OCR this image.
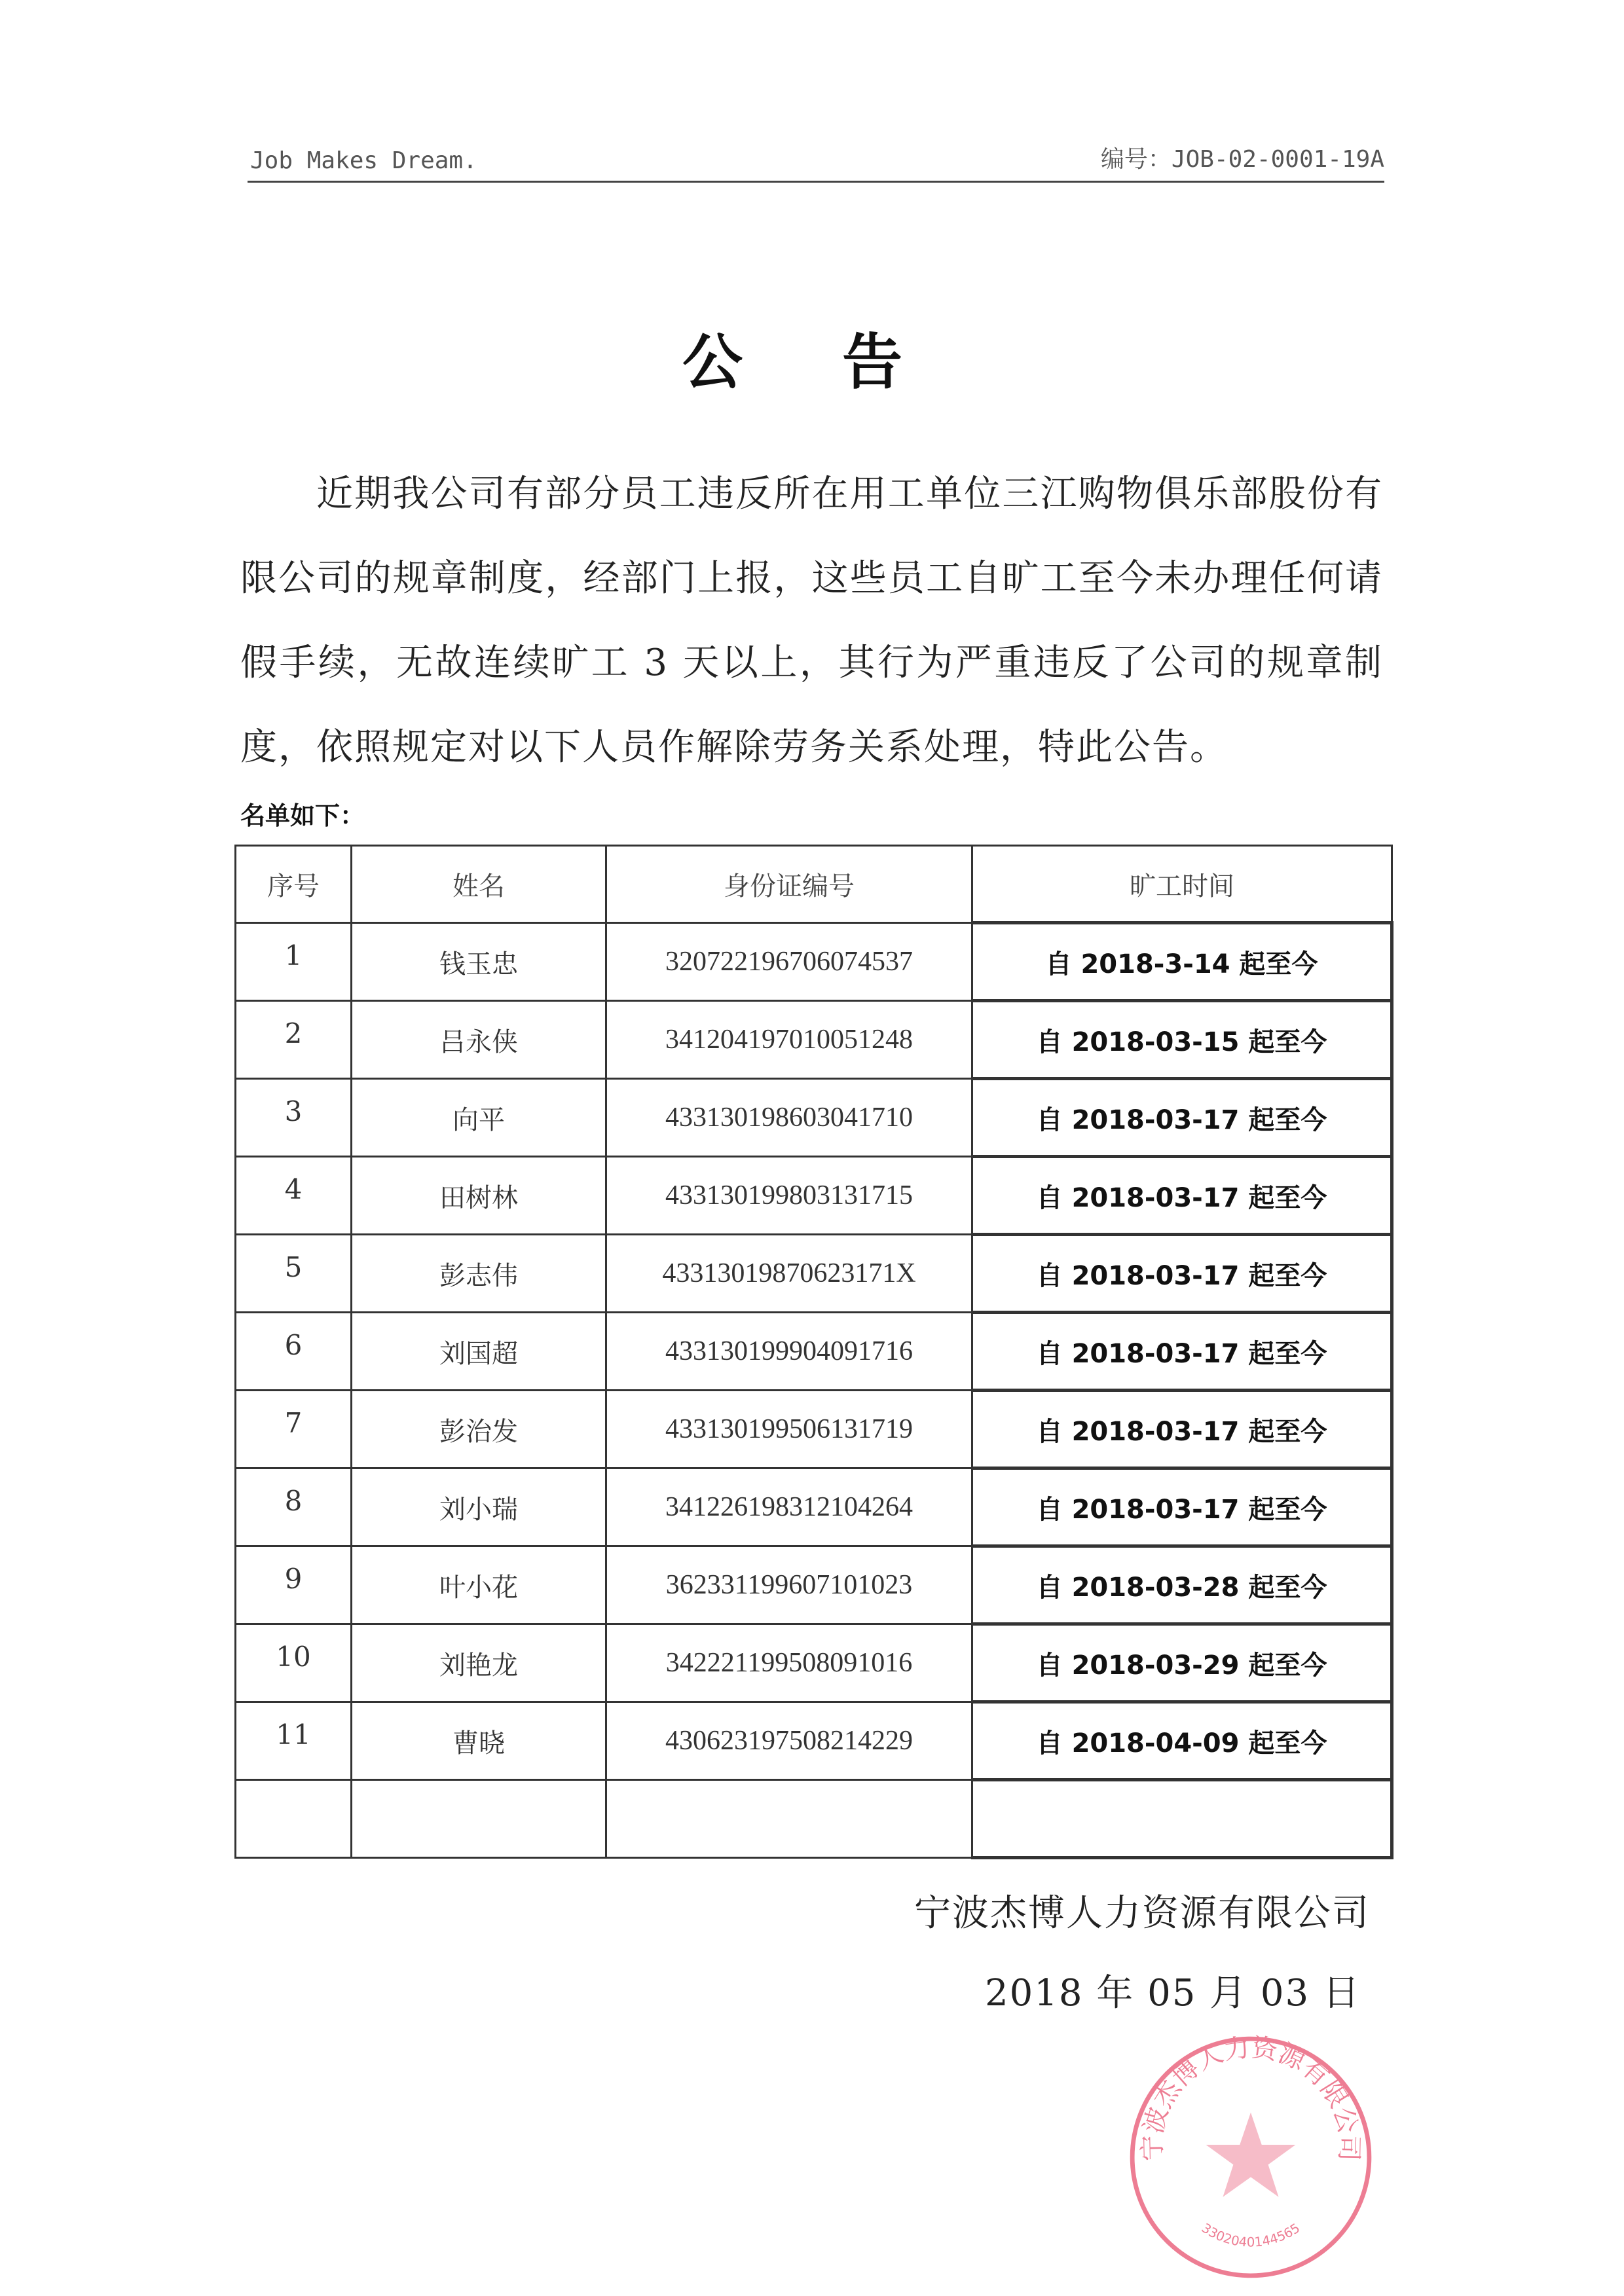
Job Makes Dream.	编号：JOB-02-0001-19A
公 告
近期我公司有部分员工违反所在用工单位三江购物俱乐部股份有限公司的规章制度，经部门上报，这些员工自旷工至今未办理任何请假手续，无故连续旷工 3 天以上，其行为严重违反了公司的规章制度，依照规定对以下人员作解除劳务关系处理，特此公告。
名单如下：
序号	姓名	身份证编号	旷工时间
1	钱玉忠	320722196706074537	自 2018-3-14 起至今
2	吕永侠	341204197010051248	自 2018-03-15 起至今
3	向平	433130198603041710	自 2018-03-17 起至今
4	田树林	433130199803131715	自 2018-03-17 起至今
5	彭志伟	43313019870623171X	自 2018-03-17 起至今
6	刘国超	433130199904091716	自 2018-03-17 起至今
7	彭治发	433130199506131719	自 2018-03-17 起至今
8	刘小瑞	341226198312104264	自 2018-03-17 起至今
9	叶小花	362331199607101023	自 2018-03-28 起至今
10	刘艳龙	342221199508091016	自 2018-03-29 起至今
11	曹晓	430623197508214229	自 2018-04-09 起至今

宁波杰博人力资源有限公司
2018 年 05 月 03 日
宁波杰博人力资源有限公司
3302040144565
